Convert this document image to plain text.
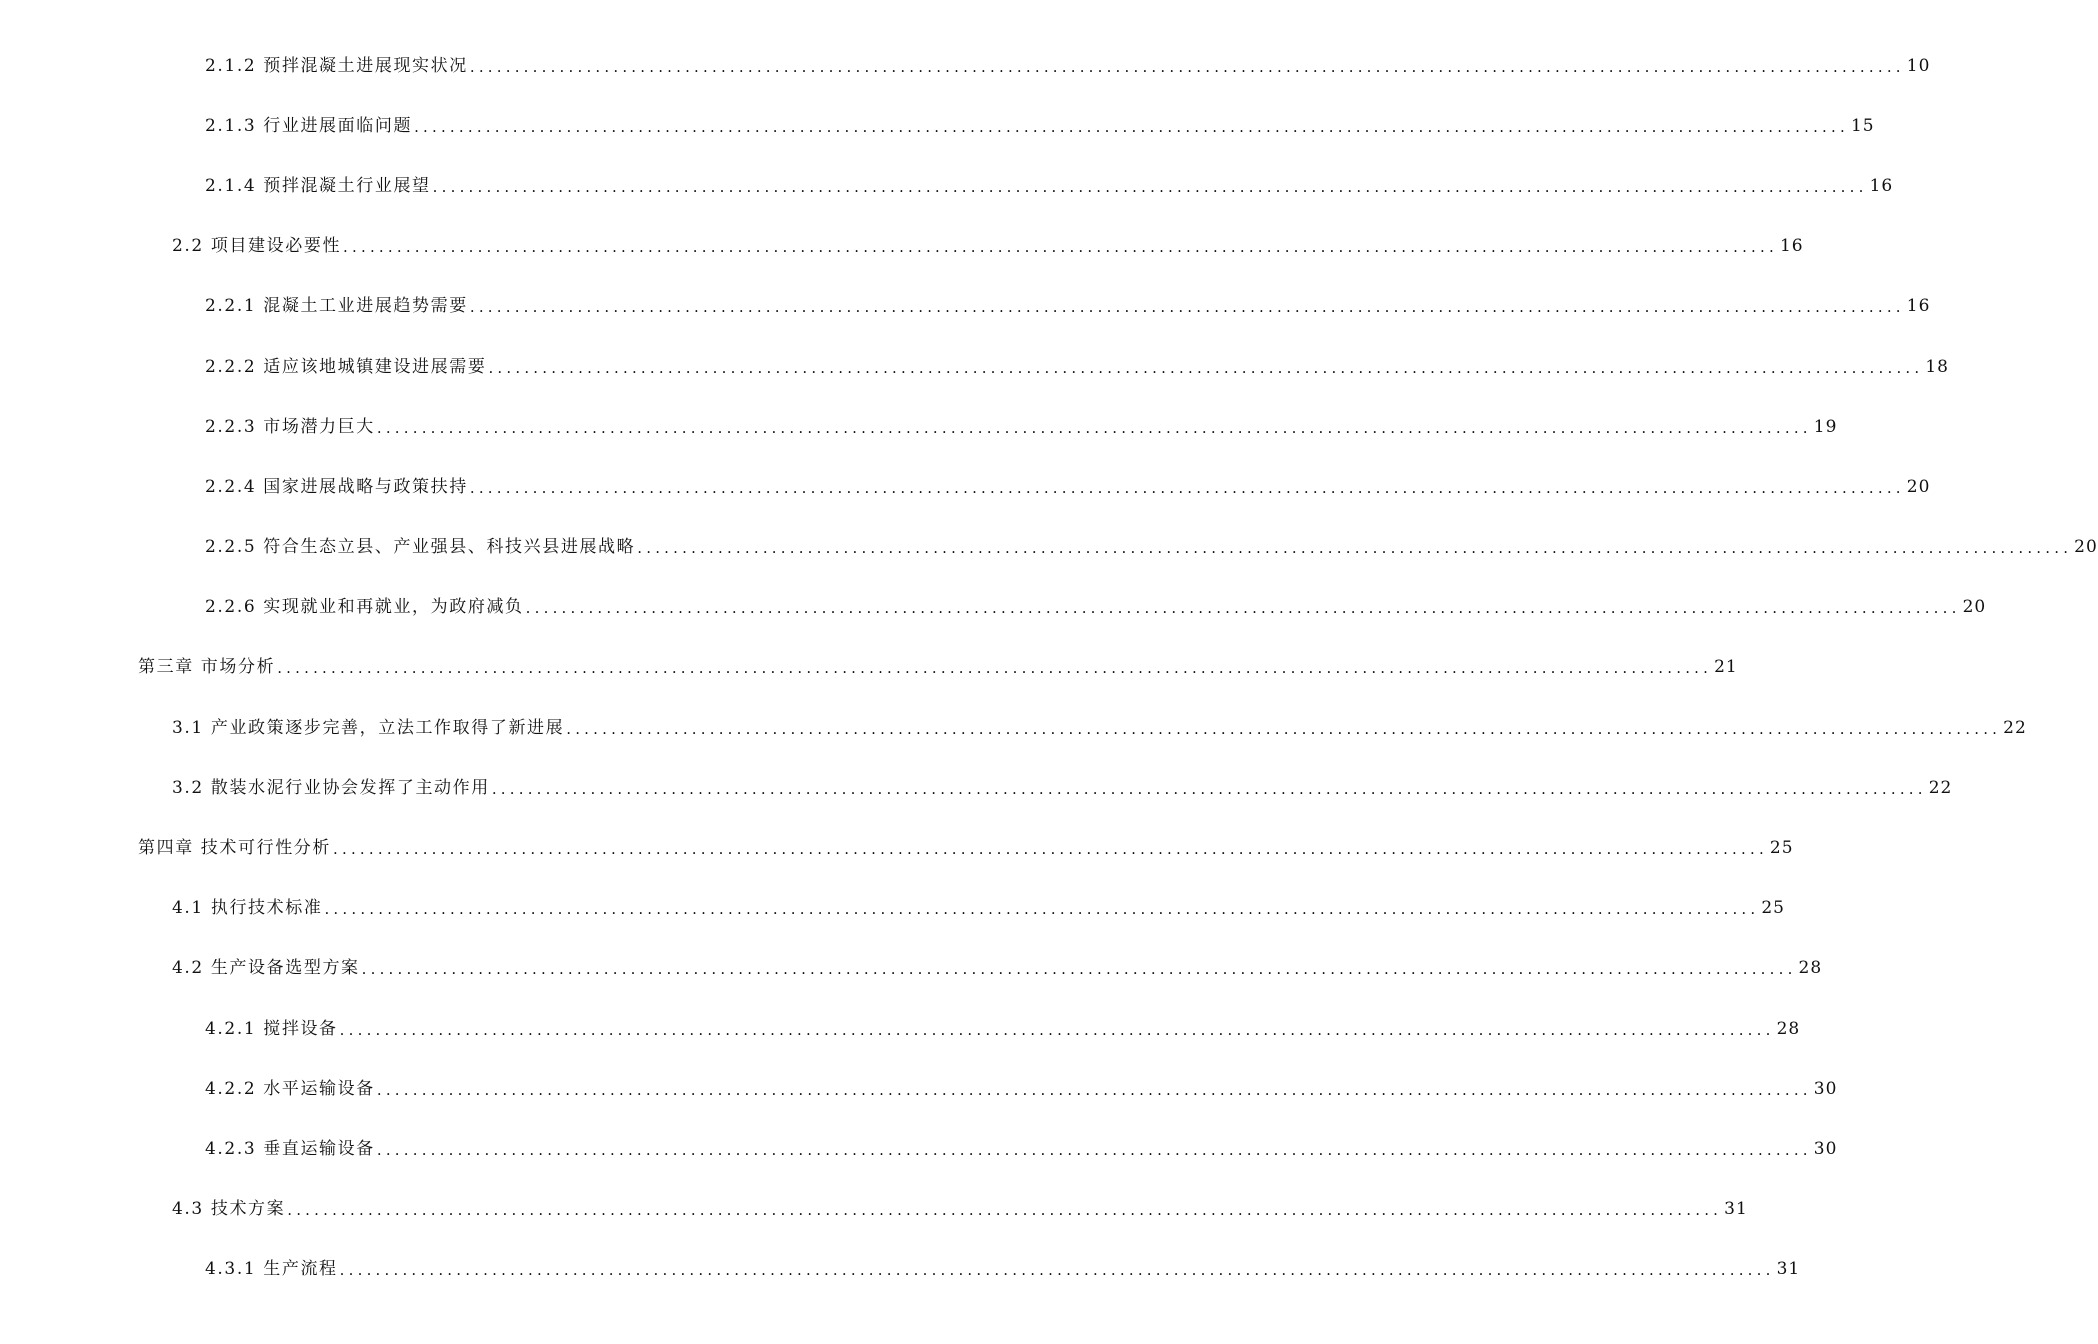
2.1.2 预拌混凝土进展现实状况 ................................................................................................................................................................ 10
2.1.3 行业进展面临问题 ................................................................................................................................................................ 15
2.1.4 预拌混凝土行业展望 ................................................................................................................................................................ 16
2.2 项目建设必要性 ................................................................................................................................................................ 16
2.2.1 混凝土工业进展趋势需要 ................................................................................................................................................................ 16
2.2.2 适应该地城镇建设进展需要 ................................................................................................................................................................ 18
2.2.3 市场潜力巨大 ................................................................................................................................................................ 19
2.2.4 国家进展战略与政策扶持 ................................................................................................................................................................ 20
2.2.5 符合生态立县、产业强县、科技兴县进展战略 ................................................................................................................................................................ 20
2.2.6 实现就业和再就业，为政府减负 ................................................................................................................................................................ 20
第三章 市场分析 ................................................................................................................................................................ 21
3.1 产业政策逐步完善，立法工作取得了新进展 ................................................................................................................................................................ 22
3.2 散装水泥行业协会发挥了主动作用 ................................................................................................................................................................ 22
第四章 技术可行性分析 ................................................................................................................................................................ 25
4.1 执行技术标准 ................................................................................................................................................................ 25
4.2 生产设备选型方案 ................................................................................................................................................................ 28
4.2.1 搅拌设备 ................................................................................................................................................................ 28
4.2.2 水平运输设备 ................................................................................................................................................................ 30
4.2.3 垂直运输设备 ................................................................................................................................................................ 30
4.3 技术方案 ................................................................................................................................................................ 31
4.3.1 生产流程 ................................................................................................................................................................ 31
